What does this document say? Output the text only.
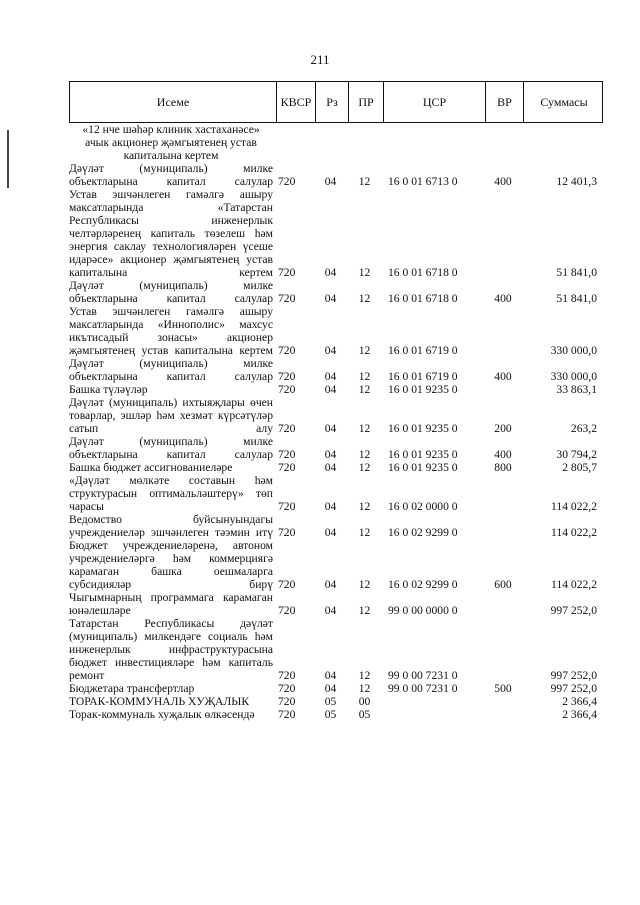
211
Исеме	КВСР	Рз	ПР	ЦСР	ВР	Суммасы
«12 нче шәһәр клиник хастаханәсе» ачык акционер җәмгыятенең устав капиталына кертем
Дәүләт (муниципаль) милке объектларына капитал салулар 720	04	12	16 0 01 6713 0	400	12 401,3
Устав эшчәнлеген гамәлгә ашыру максатларында «Татарстан Республикасы инженерлык челтәрләренең капиталь төзелеш һәм энергия саклау технологияләрен үсеше идарәсе» акционер җәмгыятенең устав капиталына кертем 720	04	12	16 0 01 6718 0	51 841,0
Дәүләт (муниципаль) милке объектларына капитал салулар 720	04	12	16 0 01 6718 0	400	51 841,0
Устав эшчәнлеген гамәлгә ашыру максатларында «Иннополис» махсус икътисадый зонасы» акционер җәмгыятенең устав капиталына кертем 720	04	12	16 0 01 6719 0	330 000,0
Дәүләт (муниципаль) милке объектларына капитал салулар 720	04	12	16 0 01 6719 0	400	330 000,0
Башка түләүләр	720	04	12	16 0 01 9235 0	33 863,1
Дәүләт (муниципаль) ихтыяҗлары өчен товарлар, эшләр һәм хезмәт күрсәтүләр сатып алу 720	04	12	16 0 01 9235 0	200	263,2
Дәүләт (муниципаль) милке объектларына капитал салулар 720	04	12	16 0 01 9235 0	400	30 794,2
Башка бюджет ассигнованиеләре	720	04	12	16 0 01 9235 0	800	2 805,7
«Дәүләт мөлкәте составын һәм структурасын оптимальләштерү» төп чарасы	720	04	12	16 0 02 0000 0	114 022,2
Ведомство буйсынуындагы учреждениеләр эшчәнлеген тәэмин итү 720	04	12	16 0 02 9299 0	114 022,2
Бюджет учреждениеләренә, автоном учреждениеләргә һәм коммерциягә карамаган башка оешмаларга субсидияләр бирү 720	04	12	16 0 02 9299 0	600	114 022,2
Чыгымнарның программага карамаган юнәлешләре	720	04	12	99 0 00 0000 0	997 252,0
Татарстан Республикасы дәүләт (муниципаль) милкендәге социаль һәм инженерлык инфраструктурасына бюджет инвестицияләре һәм капиталь ремонт	720	04	12	99 0 00 7231 0	997 252,0
Бюджетара трансфертлар	720	04	12	99 0 00 7231 0	500	997 252,0
ТОРАК-КОММУНАЛЬ ХУҖАЛЫК	720	05	00	2 366,4
Торак-коммуналь хуҗалык өлкәсендә	720	05	05	2 366,4
